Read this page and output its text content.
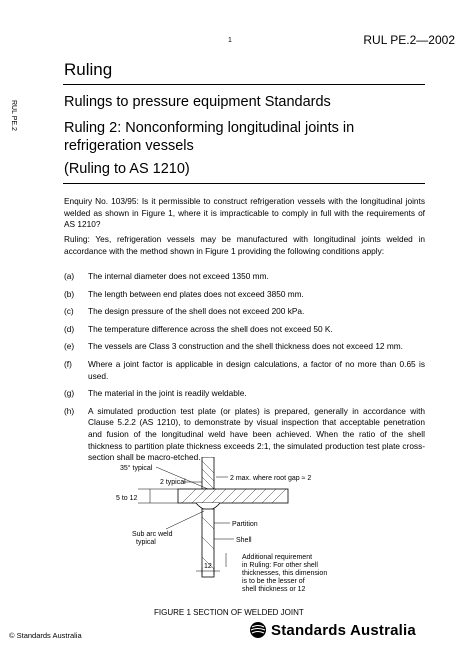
1	RUL PE.2—2002
RUL PE.2
Ruling
Rulings to pressure equipment Standards
Ruling 2: Nonconforming longitudinal joints in refrigeration vessels
(Ruling to AS 1210)
Enquiry No. 103/95: Is it permissible to construct refrigeration vessels with the longitudinal joints welded as shown in Figure 1, where it is impracticable to comply in full with the requirements of AS 1210?
Ruling: Yes, refrigeration vessels may be manufactured with longitudinal joints welded in accordance with the method shown in Figure 1 providing the following conditions apply:
(a)	The internal diameter does not exceed 1350 mm.
(b)	The length between end plates does not exceed 3850 mm.
(c)	The design pressure of the shell does not exceed 200 kPa.
(d)	The temperature difference across the shell does not exceed 50 K.
(e)	The vessels are Class 3 construction and the shell thickness does not exceed 12 mm.
(f)	Where a joint factor is applicable in design calculations, a factor of no more than 0.65 is used.
(g)	The material in the joint is readily weldable.
(h)	A simulated production test plate (or plates) is prepared, generally in accordance with Clause 5.2.2 (AS 1210), to demonstrate by visual inspection that acceptable penetration and fusion of the longitudinal weld have been achieved. When the ratio of the shell thickness to partition plate thickness exceeds 2:1, the simulated production test plate cross-section shall be macro-etched.
35° typical
2 max. where root gap ≈ 2
2 typical
5 to 12
Partition
Sub arc weld
typical	Shell
12
Additional requirement
in Ruling: For other shell
thicknesses, this dimension
is to be the lesser of
shell thickness or 12
FIGURE 1 SECTION OF WELDED JOINT
© Standards Australia	Standards Australia
